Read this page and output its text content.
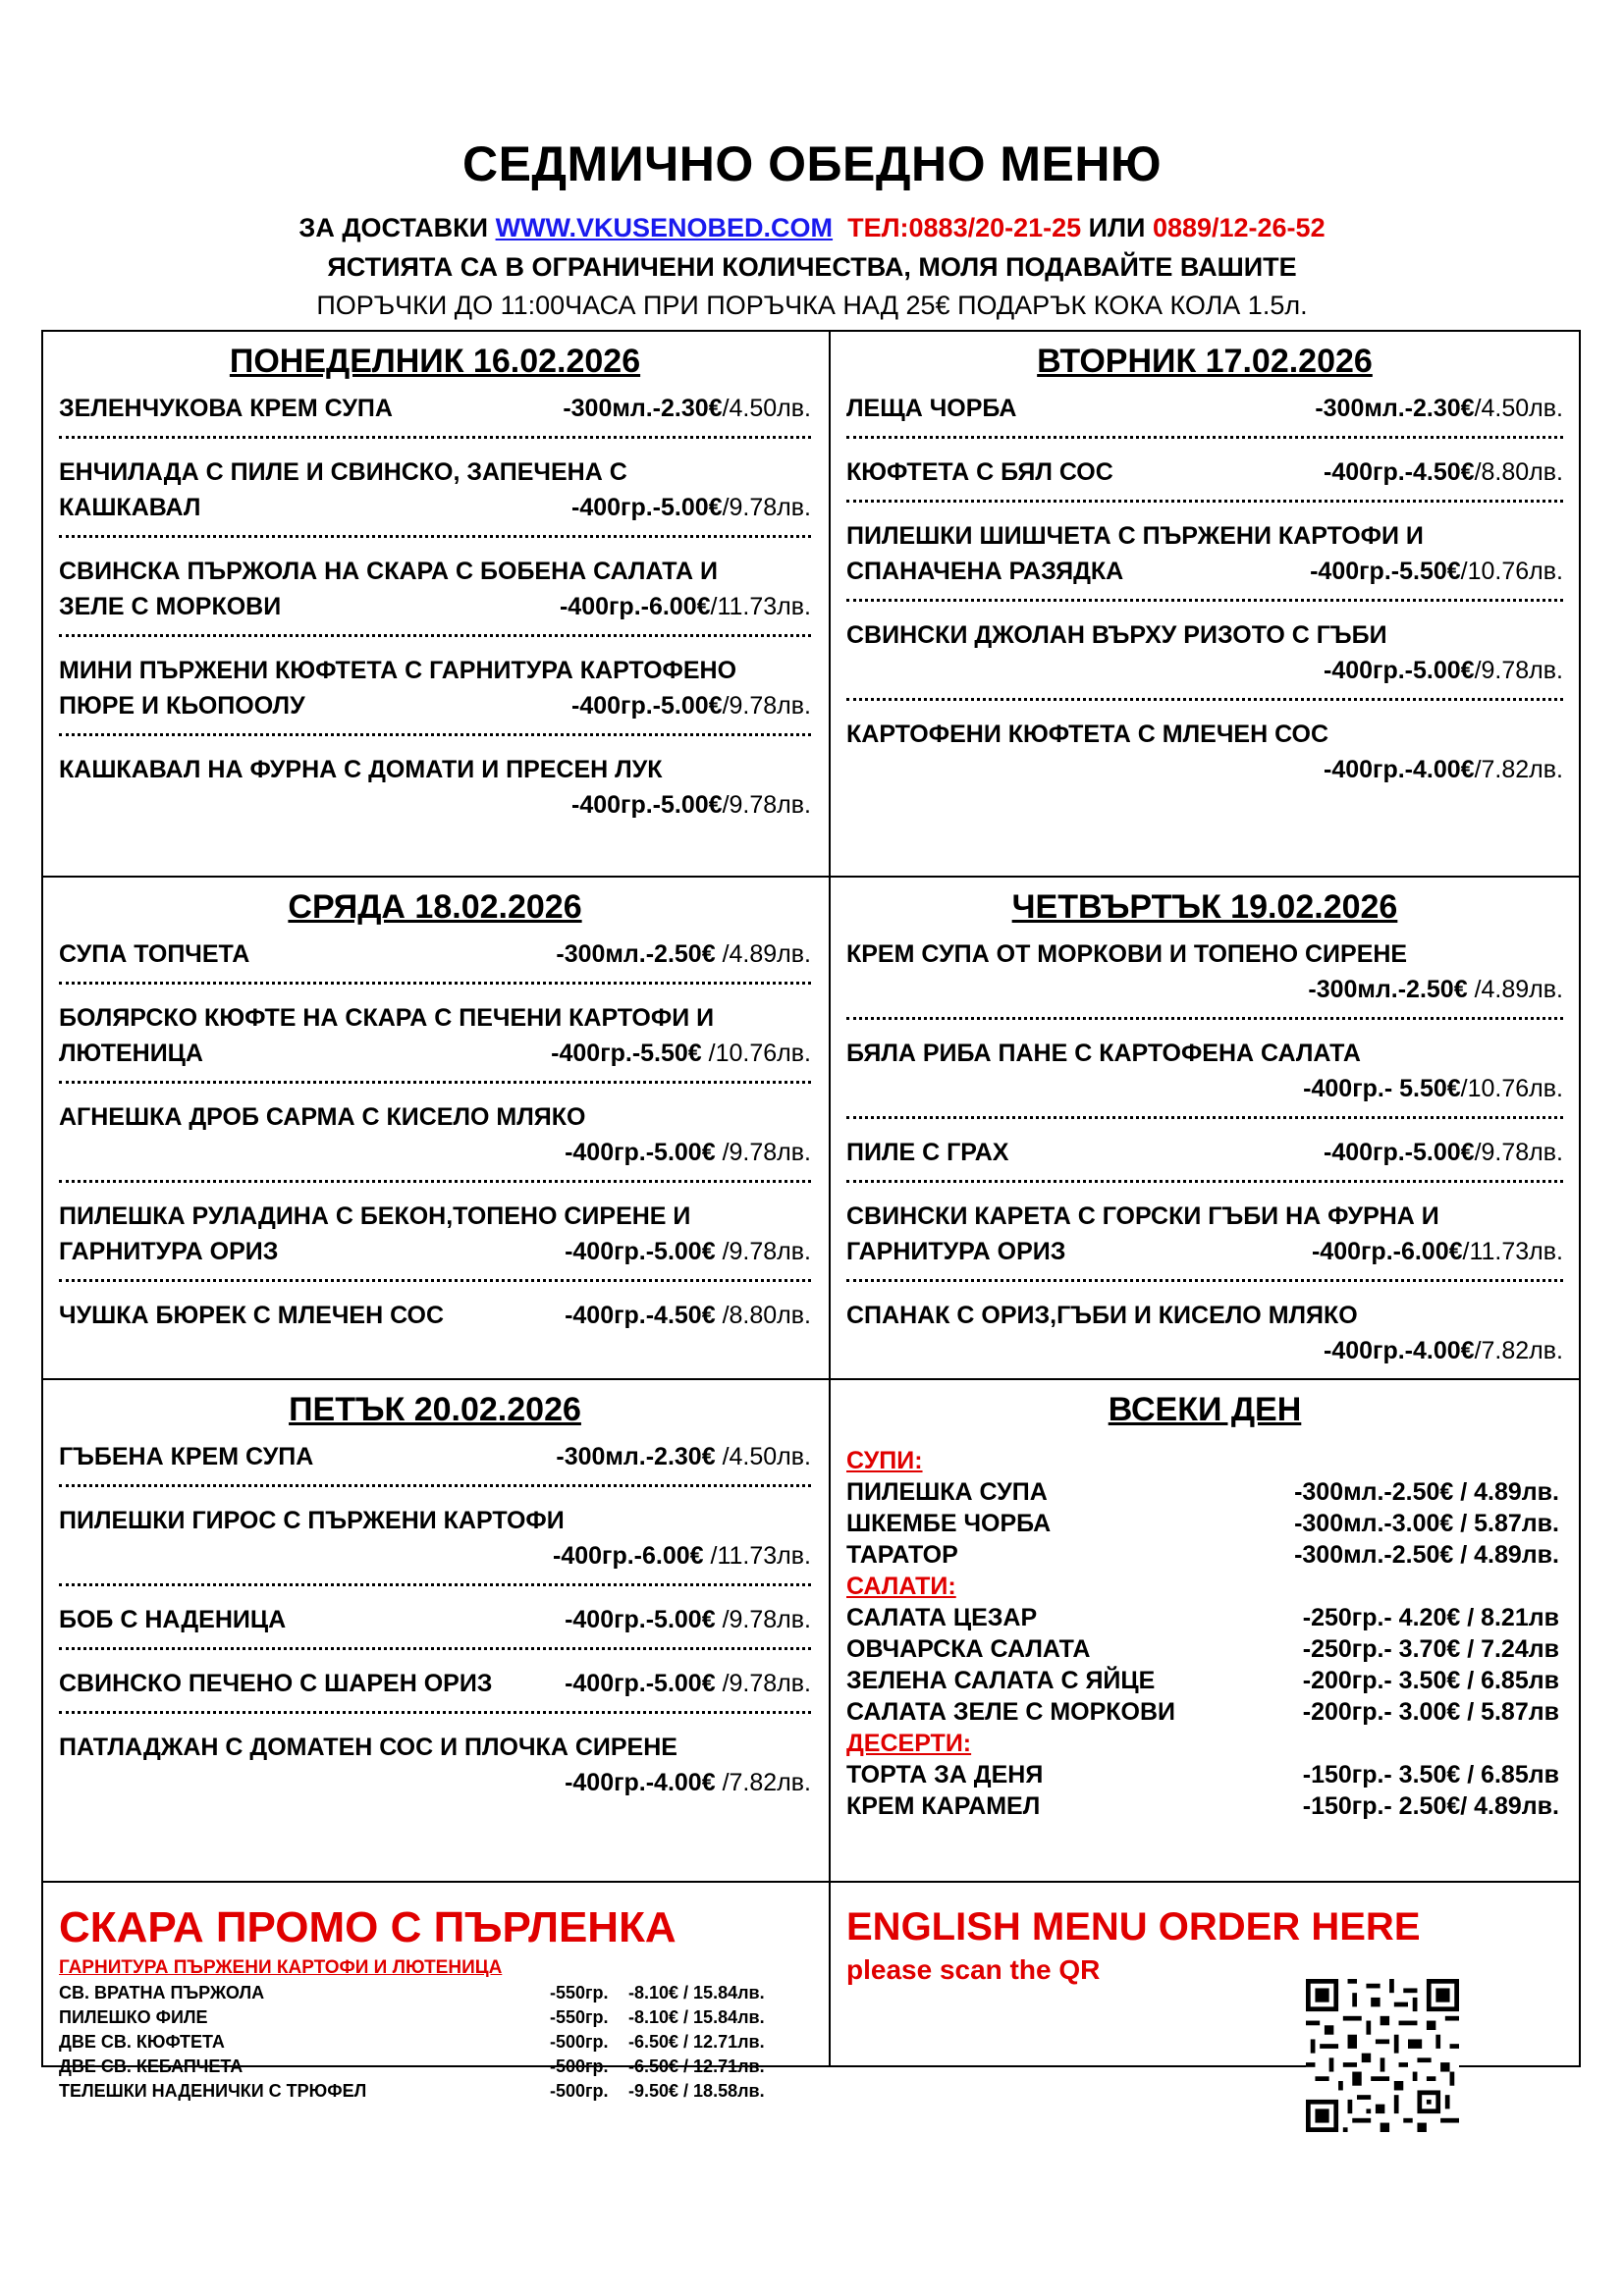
СЕДМИЧНО ОБЕДНО МЕНЮ
ЗА ДОСТАВКИ WWW.VKUSENOBED.COM ТЕЛ:0883/20-21-25 ИЛИ 0889/12-26-52
ЯСТИЯТА СА В ОГРАНИЧЕНИ КОЛИЧЕСТВА, МОЛЯ ПОДАВАЙТЕ ВАШИТЕ
ПОРЪЧКИ ДО 11:00ЧАСА ПРИ ПОРЪЧКА НАД 25€ ПОДАРЪК КОКА КОЛА 1.5л.
ПОНЕДЕЛНИК 16.02.2026
ЗЕЛЕНЧУКОВА КРЕМ СУПА	-300мл.-2.30€/4.50лв.
ЕНЧИЛАДА С ПИЛЕ И СВИНСКО, ЗАПЕЧЕНА С
КАШКАВАЛ	-400гр.-5.00€/9.78лв.
СВИНСКА ПЪРЖОЛА НА СКАРА С БОБЕНА САЛАТА И
ЗЕЛЕ С МОРКОВИ	-400гр.-6.00€/11.73лв.
МИНИ ПЪРЖЕНИ КЮФТЕТА С ГАРНИТУРА КАРТОФЕНО
ПЮРЕ И КЬОПООЛУ	-400гр.-5.00€/9.78лв.
КАШКАВАЛ НА ФУРНА С ДОМАТИ И ПРЕСЕН ЛУК
-400гр.-5.00€/9.78лв.
ВТОРНИК 17.02.2026
ЛЕЩА ЧОРБА	-300мл.-2.30€/4.50лв.
КЮФТЕТА С БЯЛ СОС	-400гр.-4.50€/8.80лв.
ПИЛЕШКИ ШИШЧЕТА С ПЪРЖЕНИ КАРТОФИ И
СПАНАЧЕНА РАЗЯДКА	-400гр.-5.50€/10.76лв.
СВИНСКИ ДЖОЛАН ВЪРХУ РИЗОТО С ГЪБИ
-400гр.-5.00€/9.78лв.
КАРТОФЕНИ КЮФТЕТА С МЛЕЧЕН СОС
-400гр.-4.00€/7.82лв.
СРЯДА 18.02.2026
СУПА ТОПЧЕТА	-300мл.-2.50€ /4.89лв.
БОЛЯРСКО КЮФТЕ НА СКАРА С ПЕЧЕНИ КАРТОФИ И
ЛЮТЕНИЦА	-400гр.-5.50€ /10.76лв.
АГНЕШКА ДРОБ САРМА С КИСЕЛО МЛЯКО
-400гр.-5.00€ /9.78лв.
ПИЛЕШКА РУЛАДИНА С БЕКОН,ТОПЕНО СИРЕНЕ И
ГАРНИТУРА ОРИЗ	-400гр.-5.00€ /9.78лв.
ЧУШКА БЮРЕК С МЛЕЧЕН СОС	-400гр.-4.50€ /8.80лв.
ЧЕТВЪРТЪК 19.02.2026
КРЕМ СУПА ОТ МОРКОВИ И ТОПЕНО СИРЕНЕ
-300мл.-2.50€ /4.89лв.
БЯЛА РИБА ПАНЕ С КАРТОФЕНА САЛАТА
-400гр.- 5.50€/10.76лв.
ПИЛЕ С ГРАХ	-400гр.-5.00€/9.78лв.
СВИНСКИ КАРЕТА С ГОРСКИ ГЪБИ НА ФУРНА И
ГАРНИТУРА ОРИЗ	-400гр.-6.00€/11.73лв.
СПАНАК С ОРИЗ,ГЪБИ И КИСЕЛО МЛЯКО
-400гр.-4.00€/7.82лв.
ПЕТЪК 20.02.2026
ГЪБЕНА КРЕМ СУПА	-300мл.-2.30€ /4.50лв.
ПИЛЕШКИ ГИРОС С ПЪРЖЕНИ КАРТОФИ
-400гр.-6.00€ /11.73лв.
БОБ С НАДЕНИЦА	-400гр.-5.00€ /9.78лв.
СВИНСКО ПЕЧЕНО С ШАРЕН ОРИЗ	-400гр.-5.00€ /9.78лв.
ПАТЛАДЖАН С ДОМАТЕН СОС И ПЛОЧКА СИРЕНЕ
-400гр.-4.00€ /7.82лв.
ВСЕКИ ДЕН
СУПИ:
ПИЛЕШКА СУПА	-300мл.-2.50€ / 4.89лв.
ШКЕМБЕ ЧОРБА	-300мл.-3.00€ / 5.87лв.
ТАРАТОР	-300мл.-2.50€ / 4.89лв.
САЛАТИ:
САЛАТА ЦЕЗАР	-250гр.- 4.20€ / 8.21лв
ОВЧАРСКА САЛАТА	-250гр.- 3.70€ / 7.24лв
ЗЕЛЕНА САЛАТА С ЯЙЦЕ	-200гр.- 3.50€ / 6.85лв
САЛАТА ЗЕЛЕ С МОРКОВИ	-200гр.- 3.00€ / 5.87лв
ДЕСЕРТИ:
ТОРТА ЗА ДЕНЯ	-150гр.- 3.50€ / 6.85лв
КРЕМ КАРАМЕЛ	-150гр.- 2.50€/ 4.89лв.
СКАРА ПРОМО С ПЪРЛЕНКА
ГАРНИТУРА ПЪРЖЕНИ КАРТОФИ И ЛЮТЕНИЦА
СВ. ВРАТНА ПЪРЖОЛА	-550гр.	-8.10€ / 15.84лв.
ПИЛЕШКО ФИЛЕ	-550гр.	-8.10€ / 15.84лв.
ДВЕ СВ. КЮФТЕТА	-500гр.	-6.50€ / 12.71лв.
ДВЕ СВ. КЕБАПЧЕТА	-500гр.	-6.50€ / 12.71лв.
ТЕЛЕШКИ НАДЕНИЧКИ С ТРЮФЕЛ	-500гр.	-9.50€ / 18.58лв.
ENGLISH MENU ORDER HERE
please scan the QR
